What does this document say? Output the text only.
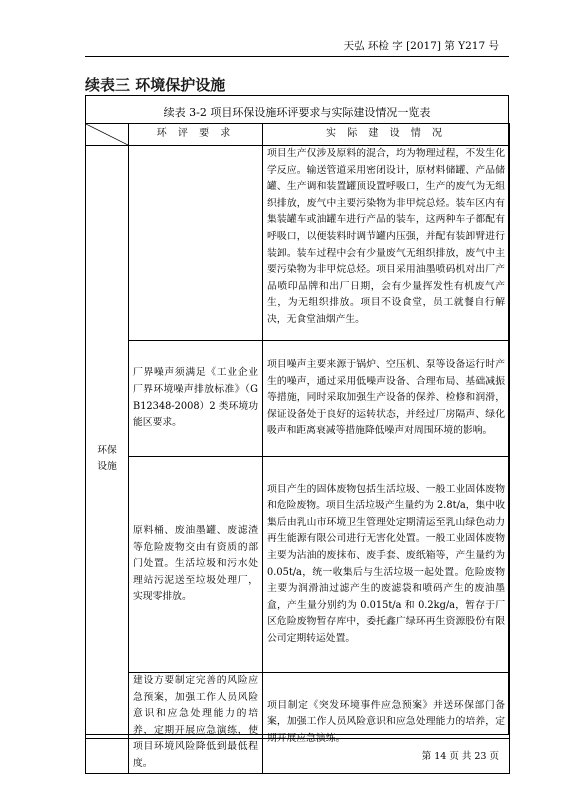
天弘 环检 字 [2017] 第 Y217 号
续表三 环境保护设施
续表 3-2 项目环保设施环评要求与实际建设情况一览表
	环 评 要 求	实 际 建 设 情 况
环保
设施		项目生产仅涉及原料的混合，均为物理过程，不发生化学反应。输送管道采用密闭设计，原材料储罐、产品储罐、生产调和装置罐顶设置呼吸口，生产的废气为无组织排放，废气中主要污染物为非甲烷总烃。装车区内有集装罐车或油罐车进行产品的装车，这两种车子都配有呼吸口，以便装料时调节罐内压强，并配有装卸臂进行装卸。装车过程中会有少量废气无组织排放，废气中主要污染物为非甲烷总烃。项目采用油墨喷码机对出厂产品喷印品牌和出厂日期，会有少量挥发性有机废气产生，为无组织排放。项目不设食堂，员工就餐自行解决，无食堂油烟产生。
	厂界噪声须满足《工业企业厂界环境噪声排放标准》（GB12348-2008）2 类环境功能区要求。	项目噪声主要来源于锅炉、空压机、泵等设备运行时产生的噪声，通过采用低噪声设备、合理布局、基础减振等措施，同时采取加强生产设备的保养、检修和润滑，保证设备处于良好的运转状态，并经过厂房隔声、绿化吸声和距离衰减等措施降低噪声对周围环境的影响。
	原料桶、废油墨罐、废滤渣等危险废物交由有资质的部门处置。生活垃圾和污水处理站污泥送至垃圾处理厂，实现零排放。	项目产生的固体废物包括生活垃圾、一般工业固体废物和危险废物。项目生活垃圾产生量约为 2.8t/a，集中收集后由乳山市环境卫生管理处定期清运至乳山绿色动力再生能源有限公司进行无害化处置。一般工业固体废物主要为沾油的废抹布、废手套、废纸箱等，产生量约为 0.05t/a，统一收集后与生活垃圾一起处置。危险废物主要为润滑油过滤产生的废滤袋和喷码产生的废油墨盒，产生量分别约为 0.015t/a 和 0.2kg/a，暂存于厂区危险废物暂存库中，委托鑫广绿环再生资源股份有限公司定期转运处置。
	建设方要制定完善的风险应急预案，加强工作人员风险意识和应急处理能力的培养，定期开展应急演练，使项目环境风险降低到最低程度。	项目制定《突发环境事件应急预案》并送环保部门备案，加强工作人员风险意识和应急处理能力的培养，定期开展应急演练。
第 14 页 共 23 页
